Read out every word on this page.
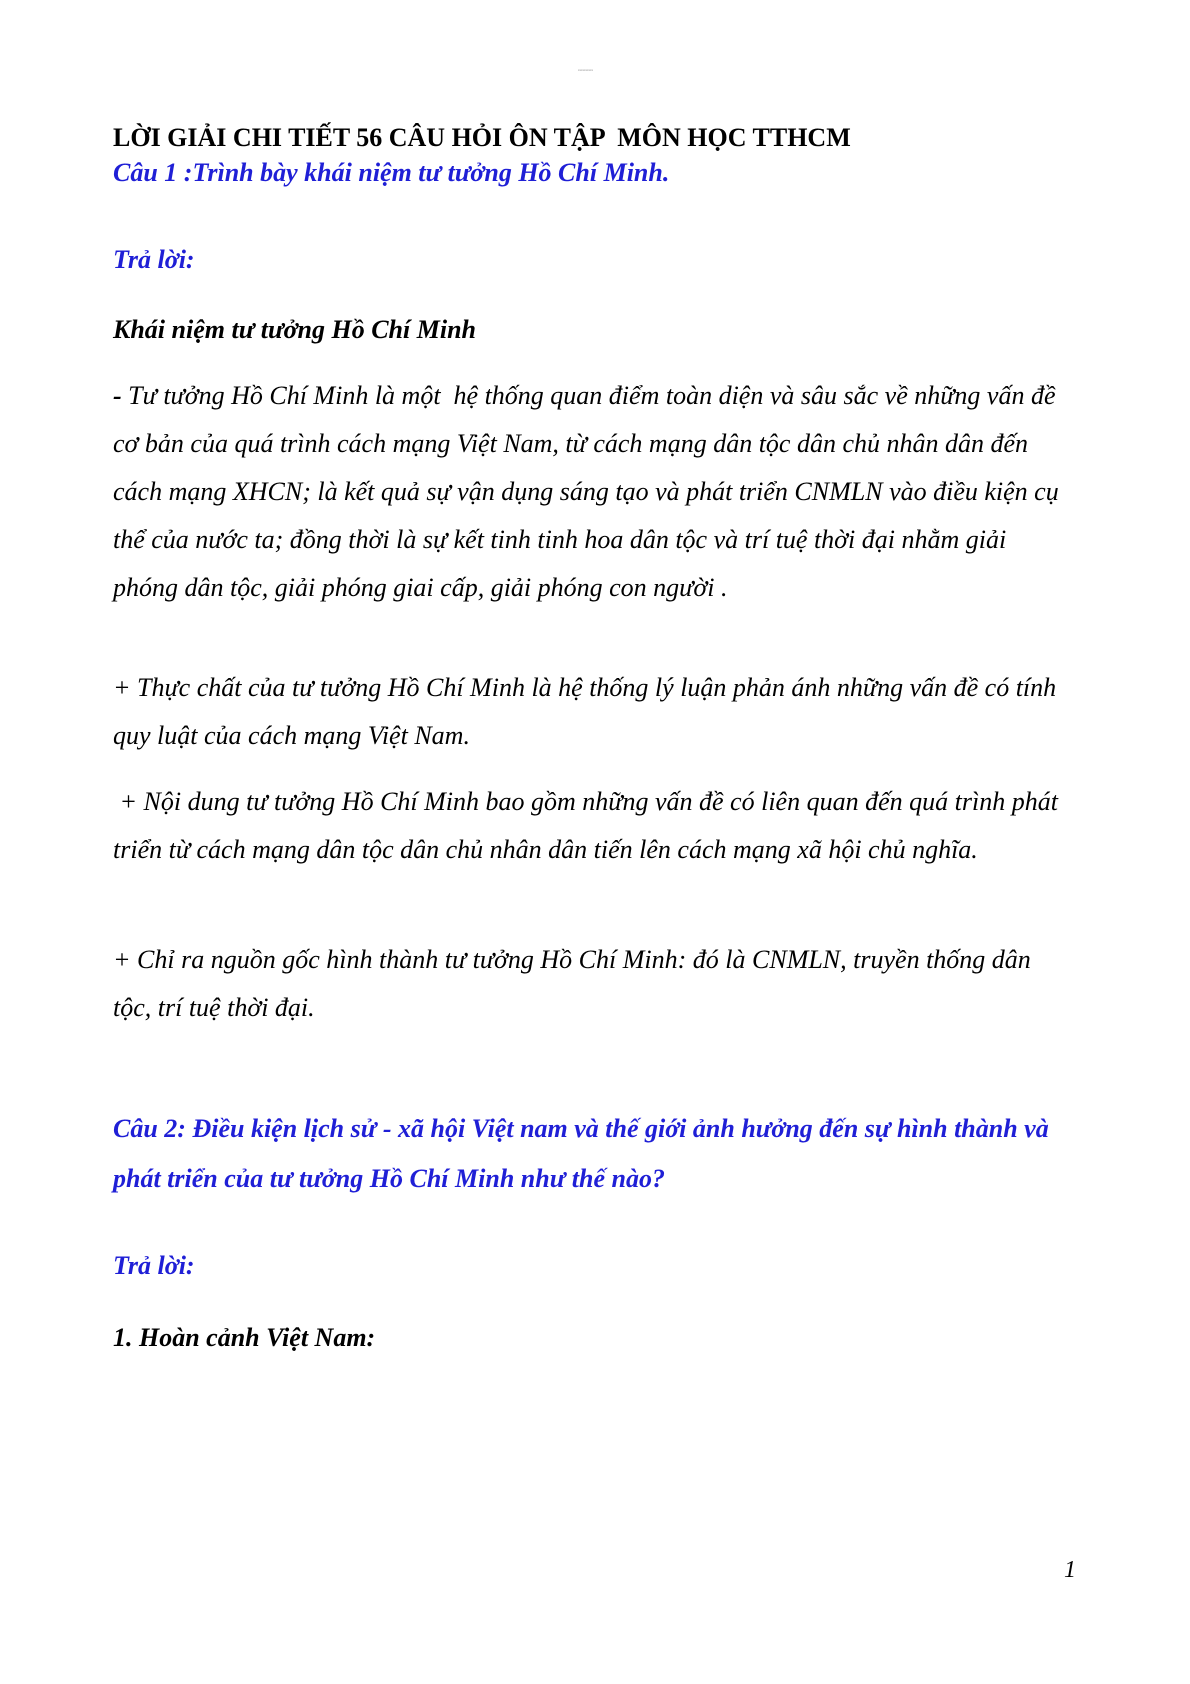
xxxxxxxxxx
LỜI GIẢI CHI TIẾT 56 CÂU HỎI ÔN TẬP  MÔN HỌC TTHCM
Câu 1 :Trình bày khái niệm tư tưởng Hồ Chí Minh.
Trả lời:
Khái niệm tư tưởng Hồ Chí Minh

- Tư tưởng Hồ Chí Minh là một  hệ thống quan điểm toàn diện và sâu sắc về những vấn đề cơ bản của quá trình cách mạng Việt Nam, từ cách mạng dân tộc dân chủ nhân dân đến cách mạng XHCN; là kết quả sự vận dụng sáng tạo và phát triển CNMLN vào điều kiện cụ thể của nước ta; đồng thời là sự kết tinh tinh hoa dân tộc và trí tuệ thời đại nhằm giải phóng dân tộc, giải phóng giai cấp, giải phóng con người .

+ Thực chất của tư tưởng Hồ Chí Minh là hệ thống lý luận phản ánh những vấn đề có tính quy luật của cách mạng Việt Nam.

+ Nội dung tư tưởng Hồ Chí Minh bao gồm những vấn đề có liên quan đến quá trình phát triển từ cách mạng dân tộc dân chủ nhân dân tiến lên cách mạng xã hội chủ nghĩa.

+ Chỉ ra nguồn gốc hình thành tư tưởng Hồ Chí Minh: đó là CNMLN, truyền thống dân tộc, trí tuệ thời đại.

Câu 2: Điều kiện lịch sử - xã hội Việt nam và thế giới ảnh hưởng đến sự hình thành và phát triển của tư tưởng Hồ Chí Minh như thế nào?
Trả lời:
1. Hoàn cảnh Việt Nam:
1
